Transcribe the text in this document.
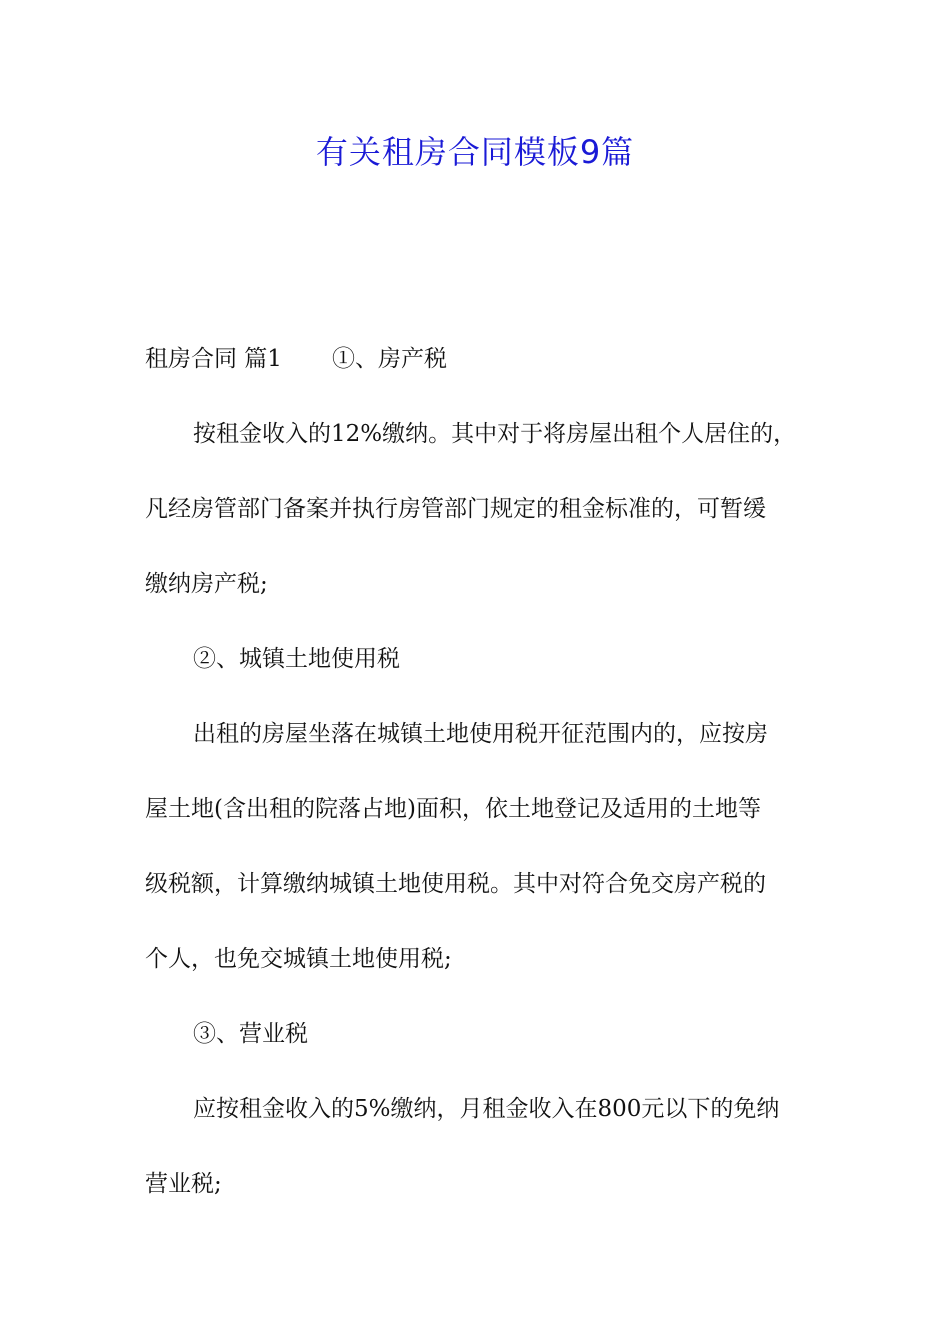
有关租房合同模板9篇
租房合同 篇1 ①、房产税
按租金收入的12%缴纳。其中对于将房屋出租个人居住的，
凡经房管部门备案并执行房管部门规定的租金标准的，可暂缓
缴纳房产税;
②、城镇土地使用税
出租的房屋坐落在城镇土地使用税开征范围内的，应按房
屋土地(含出租的院落占地)面积，依土地登记及适用的土地等
级税额，计算缴纳城镇土地使用税。其中对符合免交房产税的
个人，也免交城镇土地使用税;
③、营业税
应按租金收入的5%缴纳，月租金收入在800元以下的免纳
营业税;
